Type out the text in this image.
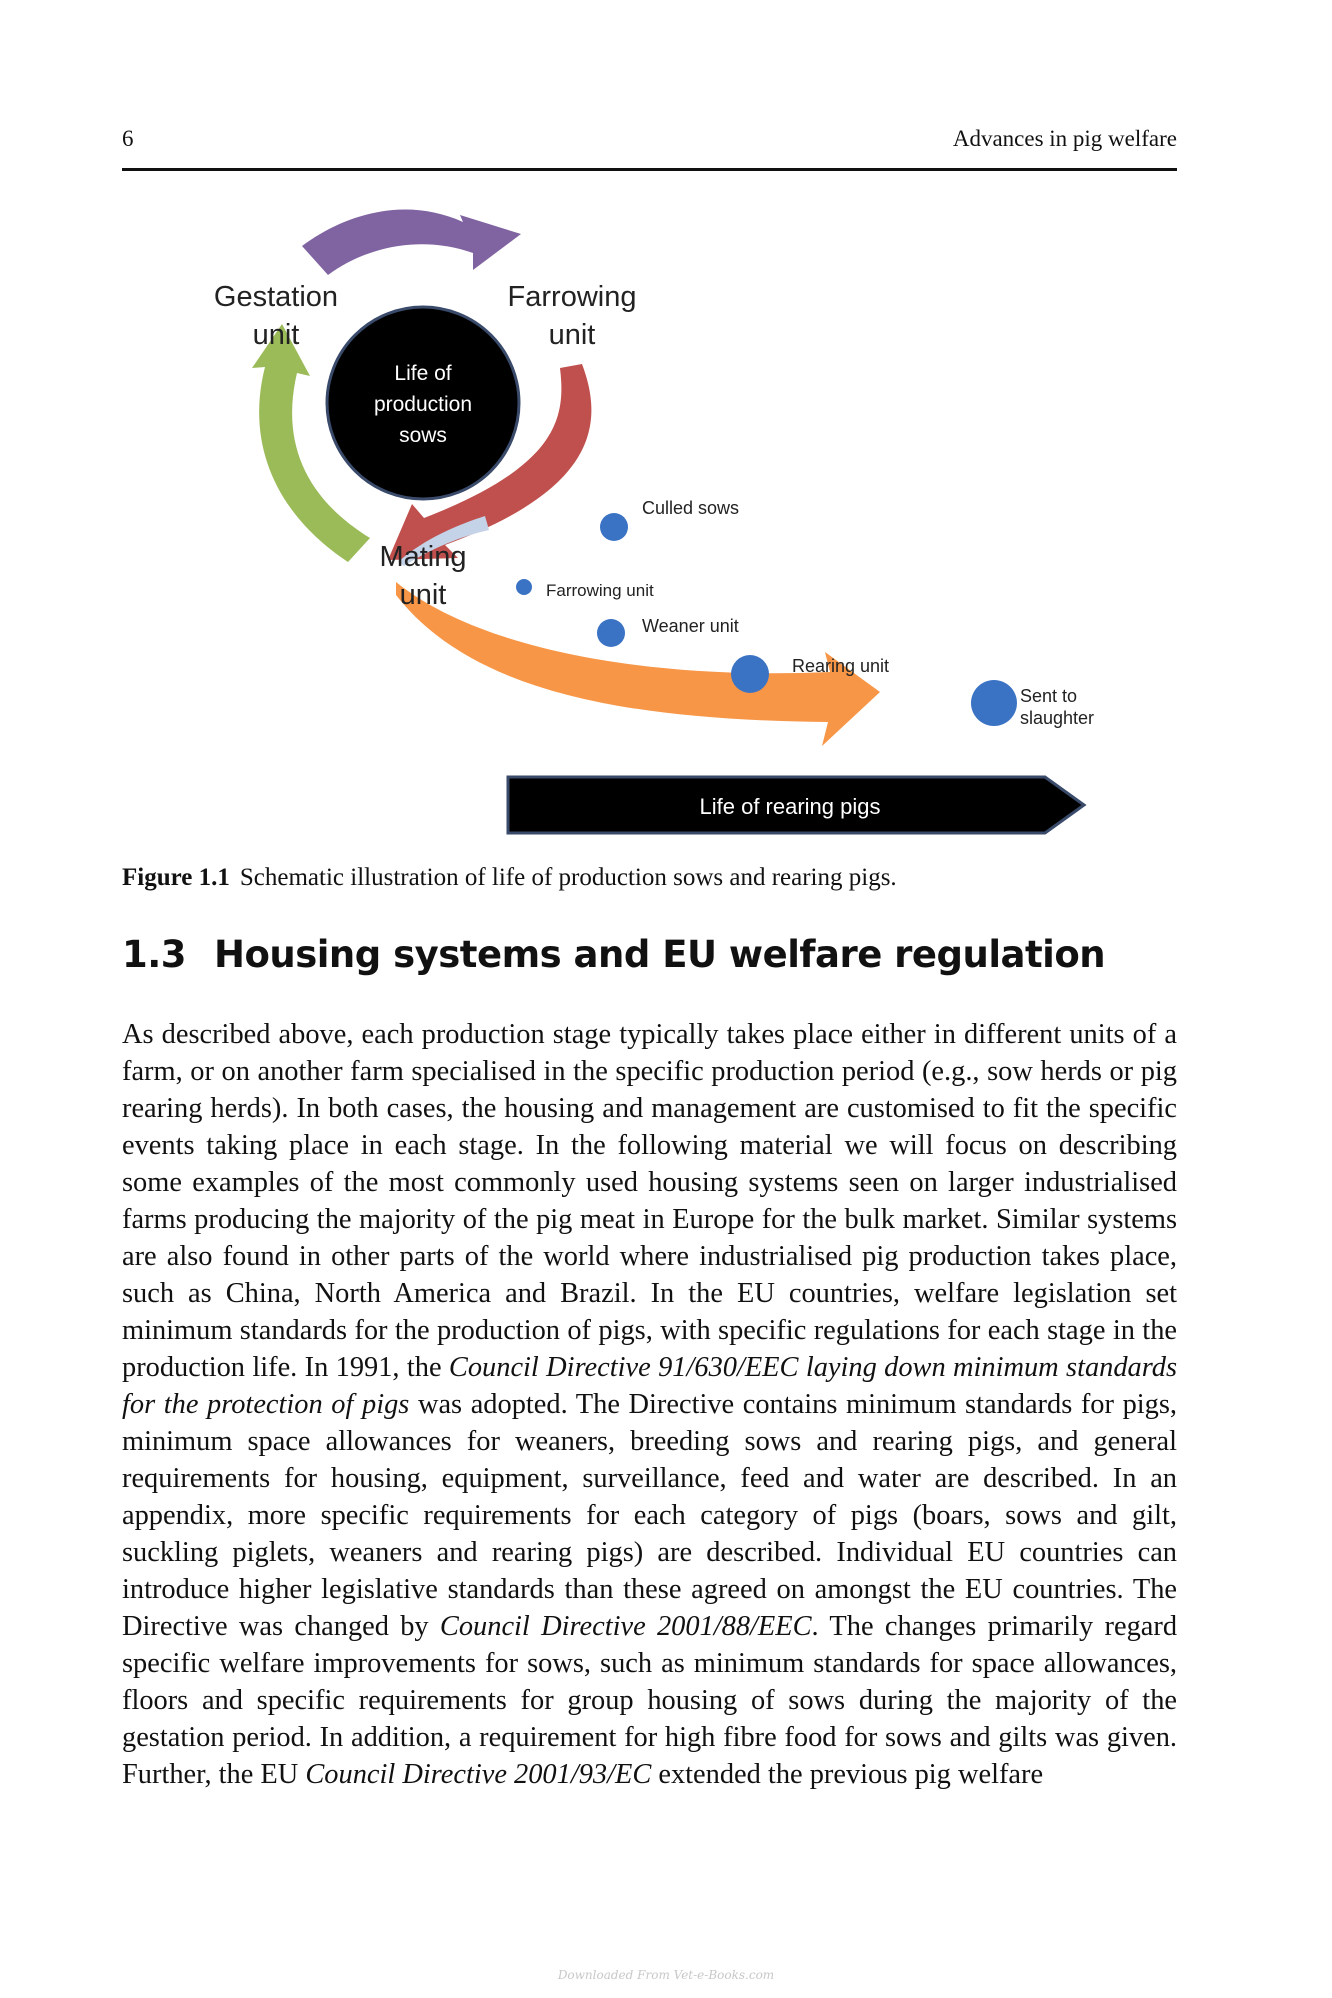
6	Advances in pig welfare
Life of
production
sows
Gestation
unit
Farrowing
unit
Mating
unit
Culled sows
Farrowing unit
Weaner unit
Rearing unit
Sent to
slaughter
Life of rearing pigs
Figure 1.1 Schematic illustration of life of production sows and rearing pigs.
1.3 Housing systems and EU welfare regulation

As described above, each production stage typically takes place either in different units of a farm, or on another farm specialised in the specific production period (e.g., sow herds or pig rearing herds). In both cases, the housing and management are customised to fit the specific events taking place in each stage. In the following material we will focus on describing some examples of the most commonly used housing systems seen on larger industrialised farms producing the majority of the pig meat in Europe for the bulk market. Similar systems are also found in other parts of the world where industrialised pig production takes place, such as China, North America and Brazil. In the EU countries, welfare legislation set minimum standards for the production of pigs, with specific regulations for each stage in the production life. In 1991, the Council Directive 91/630/EEC laying down minimum standards for the protection of pigs was adopted. The Directive contains minimum standards for pigs, minimum space allowances for weaners, breeding sows and rearing pigs, and general requirements for housing, equipment, surveillance, feed and water are described. In an appendix, more specific requirements for each category of pigs (boars, sows and gilt, suckling piglets, weaners and rearing pigs) are described. Individual EU countries can introduce higher legislative standards than these agreed on amongst the EU countries. The Directive was changed by Council Directive 2001/88/EEC. The changes primarily regard specific welfare improvements for sows, such as minimum standards for space allowances, floors and specific requirements for group housing of sows during the majority of the gestation period. In addition, a requirement for high fibre food for sows and gilts was given. Further, the EU Council Directive 2001/93/EC extended the previous pig welfare

Downloaded From Vet-e-Books.com
